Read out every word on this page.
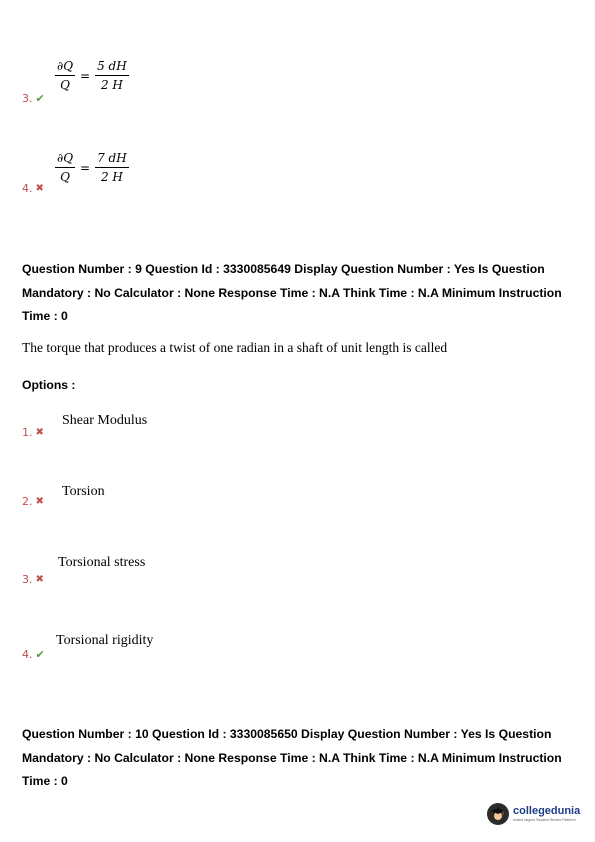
3. ✔
$\frac{\partial Q}{Q} = \frac{5 dH}{2 H}$
4. ✖
$\frac{\partial Q}{Q} = \frac{7 dH}{2 H}$
Question Number : 9 Question Id : 3330085649 Display Question Number : Yes Is Question Mandatory : No Calculator : None Response Time : N.A Think Time : N.A Minimum Instruction Time : 0
The torque that produces a twist of one radian in a shaft of unit length is called
Options :
1. ✖
Shear Modulus
2. ✖
Torsion
3. ✖
Torsional stress
4. ✔
Torsional rigidity
Question Number : 10 Question Id : 3330085650 Display Question Number : Yes Is Question Mandatory : No Calculator : None Response Time : N.A Think Time : N.A Minimum Instruction Time : 0
collegedunia
India's largest Student Review Platform
